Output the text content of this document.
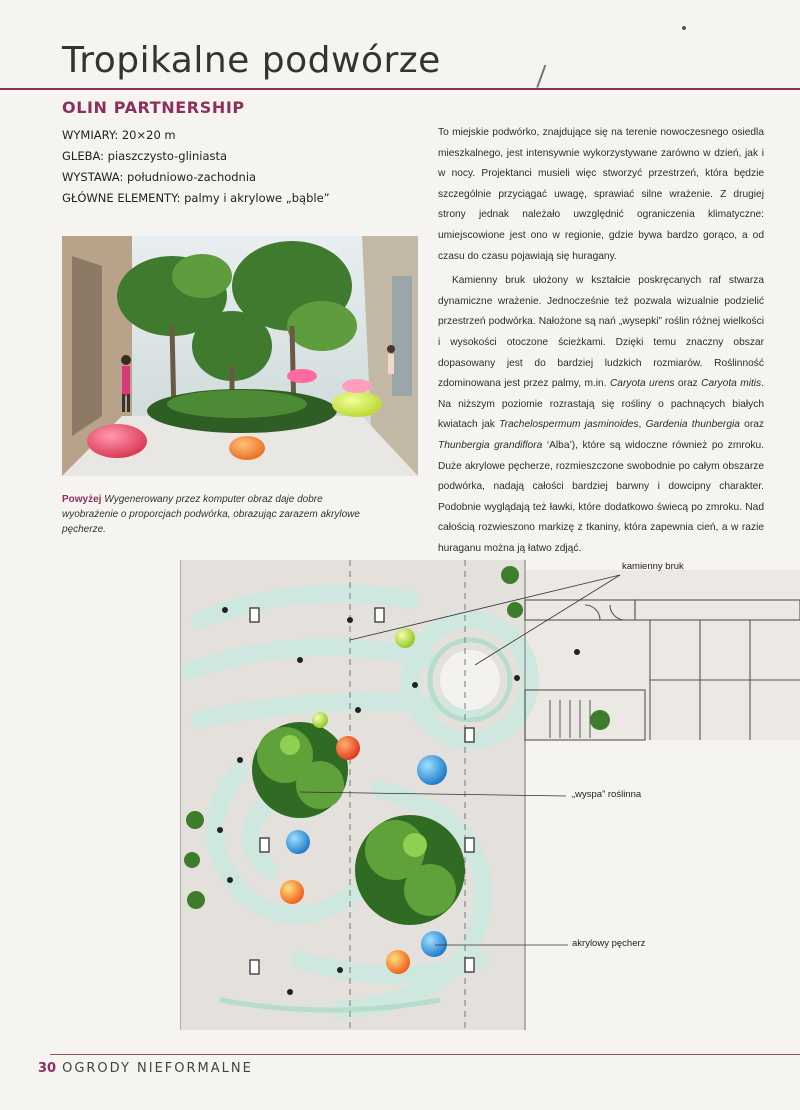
Tropikalne podwórze
OLIN PARTNERSHIP
WYMIARY: 20×20 m
GLEBA: piaszczysto-gliniasta
WYSTAWA: południowo-zachodnia
GŁÓWNE ELEMENTY: palmy i akrylowe „bąble”

Powyżej Wygenerowany przez komputer obraz daje dobre wyobrażenie o proporcjach podwórka, obrazując zarazem akrylowe pęcherze.

To miejskie podwórko, znajdujące się na terenie nowoczesnego osiedla mieszkalnego, jest intensywnie wykorzystywane zarówno w dzień, jak i w nocy. Projektanci musieli więc stworzyć przestrzeń, która będzie szczególnie przyciągać uwagę, sprawiać silne wrażenie. Z drugiej strony jednak należało uwzględnić ograniczenia klimatyczne: umiejscowione jest ono w regionie, gdzie bywa bardzo gorąco, a od czasu do czasu pojawiają się huragany.

Kamienny bruk ułożony w kształcie poskręcanych raf stwarza dynamiczne wrażenie. Jednocześnie też pozwala wizualnie podzielić przestrzeń podwórka. Nałożone są nań „wysepki” roślin różnej wielkości i wysokości otoczone ścieżkami. Dzięki temu znaczny obszar dopasowany jest do bardziej ludzkich rozmiarów. Roślinność zdominowana jest przez palmy, m.in. Caryota urens oraz Caryota mitis. Na niższym poziomie rozrastają się rośliny o pachnących białych kwiatach jak Trachelospermum jasminoides, Gardenia thunbergia oraz Thunbergia grandiflora ‘Alba’), które są widoczne również po zmroku. Duże akrylowe pęcherze, rozmieszczone swobodnie po całym obszarze podwórka, nadają całości bardziej barwny i dowcipny charakter. Podobnie wyglądają też ławki, które dodatkowo świecą po zmroku. Nad całością rozwieszono markizę z tkaniny, która zapewnia cień, a w razie huraganu można ją łatwo zdjąć.

kamienny bruk
„wyspa” roślinna
akrylowy pęcherz

30 OGRODY NIEFORMALNE
